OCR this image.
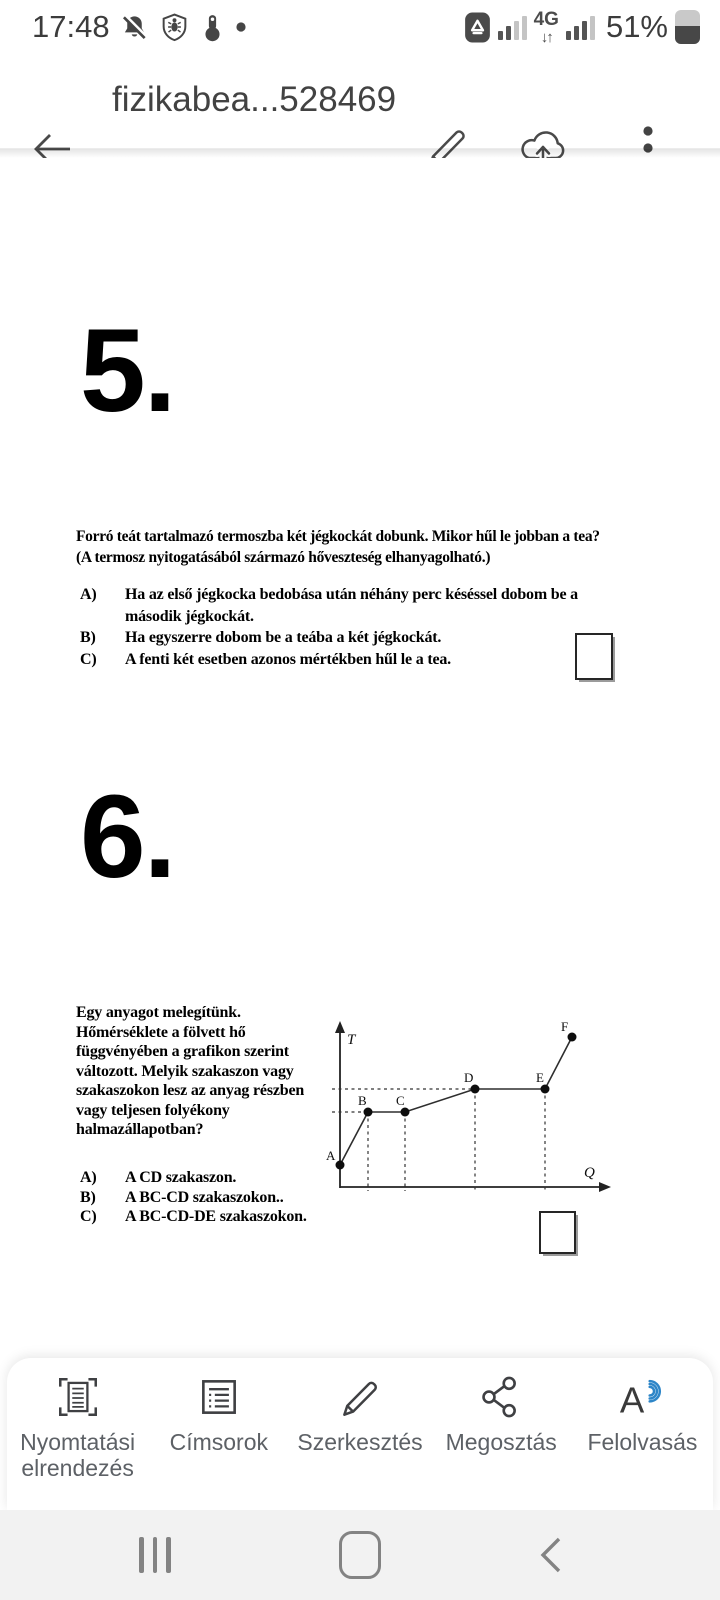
17:48	4G
↓↑ 51%
fizikabea...528469
5.
Forró teát tartalmazó termoszba két jégkockát dobunk. Mikor hűl le jobban a tea?
(A termosz nyitogatásából származó hőveszteség elhanyagolható.)
A)	Ha az első jégkocka bedobása után néhány perc késéssel dobom be a második jégkockát.
B)	Ha egyszerre dobom be a teába a két jégkockát.
C)	A fenti két esetben azonos mértékben hűl le a tea.
6.
Egy anyagot melegítünk. Hőmérséklete a fölvett hő függvényében a grafikon szerint változott. Melyik szakaszon vagy szakaszokon lesz az anyag részben vagy teljesen folyékony halmazállapotban?
T
Q
A
B C
D	E
F
A)	A CD szakaszon.
B)	A BC-CD szakaszokon..
C)	A BC-CD-DE szakaszokon.
Nyomtatási elrendezés
Címsorok Szerkesztés Megosztás
A
Felolvasás
